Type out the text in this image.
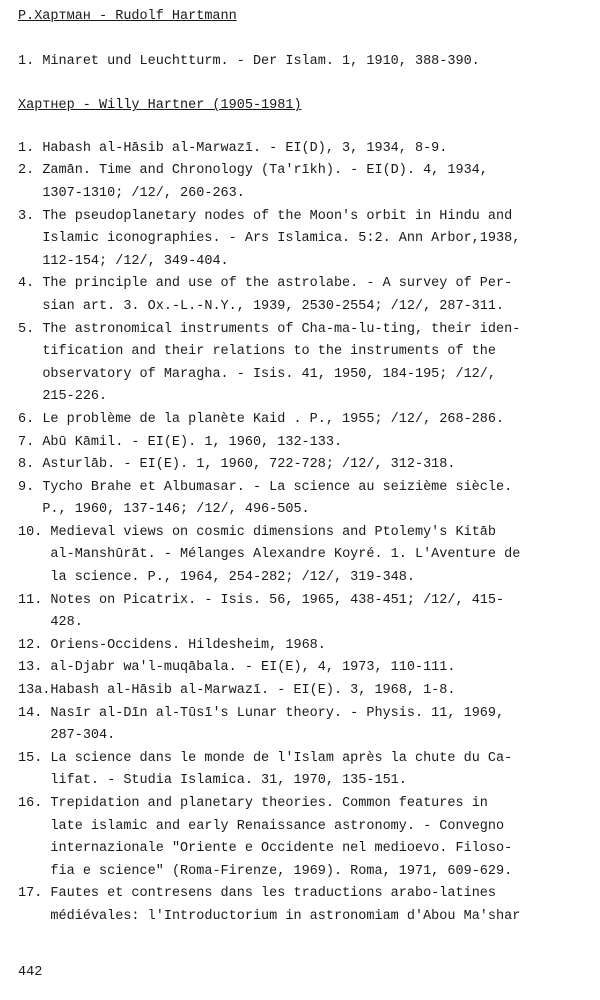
Р.Хартман - Rudolf Hartmann
1.
Minaret und Leuchtturm. - Der Islam. 1, 1910, 388-390.
Хартнер - Willy Hartner (1905-1981)
1.
Habash al-Hāsib al-Marwazī. - EI(D), 3, 1934, 8-9.
2.
Zamān. Time and Chronology (Ta'rīkh). - EI(D). 4, 1934,
1307-1310; /12/, 260-263.
3.
The pseudoplanetary nodes of the Moon's orbit in Hindu and
Islamic iconographies. - Ars Islamica. 5:2. Ann Arbor,1938,
112-154; /12/, 349-404.
4.
The principle and use of the astrolabe. - A survey of Per-
sian art. 3. Ox.-L.-N.Y., 1939, 2530-2554; /12/, 287-311.
5.
The astronomical instruments of Cha-ma-lu-ting, their iden-
tification and their relations to the instruments of the
observatory of Maragha. - Isis. 41, 1950, 184-195; /12/,
215-226.
6.
Le problème de la planète Kaid . P., 1955; /12/, 268-286.
7.
Abū Kāmil. - EI(E). 1, 1960, 132-133.
8.
Asturlāb. - EI(E). 1, 1960, 722-728; /12/, 312-318.
9.
Tycho Brahe et Albumasar. - La science au seizième siècle.
P., 1960, 137-146; /12/, 496-505.
10.
Medieval views on cosmic dimensions and Ptolemy's Kitāb
al-Manshūrāt. - Mélanges Alexandre Koyré. 1. L'Aventure de
la science. P., 1964, 254-282; /12/, 319-348.
11.
Notes on Picatrix. - Isis. 56, 1965, 438-451; /12/, 415-
428.
12.
Oriens-Occidens. Hildesheim, 1968.
13.
al-Djabr wa'l-muqābala. - EI(E), 4, 1973, 110-111.
13a. Habash al-Hāsib al-Marwazī. - EI(E). 3, 1968, 1-8.
14.
Nasīr al-Dīn al-Tūsī's Lunar theory. - Physis. 11, 1969,
287-304.
15.
La science dans le monde de l'Islam après la chute du Ca-
lifat. - Studia Islamica. 31, 1970, 135-151.
16.
Trepidation and planetary theories. Common features in
late islamic and early Renaissance astronomy. - Convegno
internazionale "Oriente e Occidente nel medioevo. Filoso-
fia e science" (Roma-Firenze, 1969). Roma, 1971, 609-629.
17.
Fautes et contresens dans les traductions arabo-latines
médiévales: l'Introductorium in astronomiam d'Abou Ma'shar
442
